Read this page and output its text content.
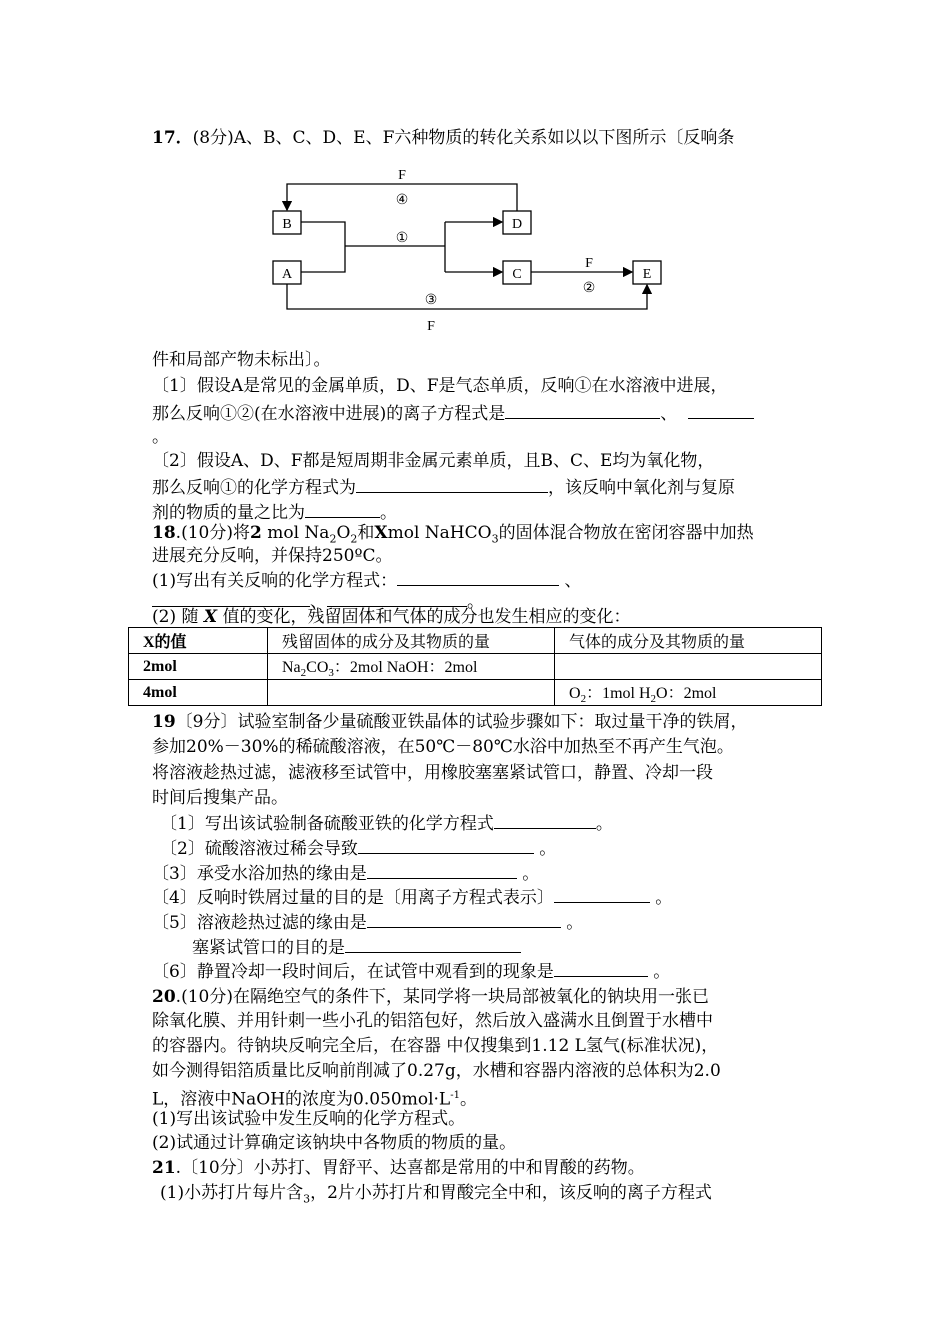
17．(8分)A、B、C、D、E、F六种物质的转化关系如以以下图所示〔反响条
F
④
B	D
①
A	C	E
F
②
③
F
件和局部产物未标出〕。
〔1〕假设A是常见的金属单质，D、F是气态单质，反响①在水溶液中进展，
那么反响①②(在水溶液中进展)的离子方程式是	、
。
〔2〕假设A、D、F都是短周期非金属元素单质，且B、C、E均为氧化物，
那么反响①的化学方程式为	，该反响中氧化剂与复原
剂的物质的量之比为	。
18.(10分)将2 mol $Na_2O_2$和Xmol NaHCO$_3$的固体混合物放在密闭容器中加热
进展充分反响，并保持250ºC。
(1)写出有关反响的化学方程式：	、
、	。
(2) 随 X 值的变化，残留固体和气体的成分也发生相应的变化：
X的值	残留固体的成分及其物质的量	气体的成分及其物质的量
2mol	$Na_2CO_3$：2mol NaOH：2mol	
4mol		$O_2$：1mol $H_2O$：2mol
19〔9分〕试验室制备少量硫酸亚铁晶体的试验步骤如下：取过量干净的铁屑，
参加20%－30%的稀硫酸溶液，在50℃－80℃水浴中加热至不再产生气泡。
将溶液趁热过滤，滤液移至试管中，用橡胶塞塞紧试管口，静置、冷却一段
时间后搜集产品。
〔1〕写出该试验制备硫酸亚铁的化学方程式	。
〔2〕硫酸溶液过稀会导致	。
〔3〕承受水浴加热的缘由是	。
〔4〕反响时铁屑过量的目的是〔用离子方程式表示〕	。
〔5〕溶液趁热过滤的缘由是	。
塞紧试管口的目的是
〔6〕静置冷却一段时间后，在试管中观看到的现象是	。
20.(10分)在隔绝空气的条件下，某同学将一块局部被氧化的钠块用一张已
除氧化膜、并用针刺一些小孔的铝箔包好，然后放入盛满水且倒置于水槽中
的容器内。待钠块反响完全后，在容器 中仅搜集到1.12 L氢气(标准状况)，
如今测得铝箔质量比反响前削减了0.27g，水槽和容器内溶液的总体积为2.0
L，溶液中NaOH的浓度为$0.050mol\cdot L^{-1}$。
(1)写出该试验中发生反响的化学方程式。
(2)试通过计算确定该钠块中各物质的物质的量。
21.〔10分〕小苏打、胃舒平、达喜都是常用的中和胃酸的药物。
(1)小苏打片每片含$_3$，2片小苏打片和胃酸完全中和，该反响的离子方程式
